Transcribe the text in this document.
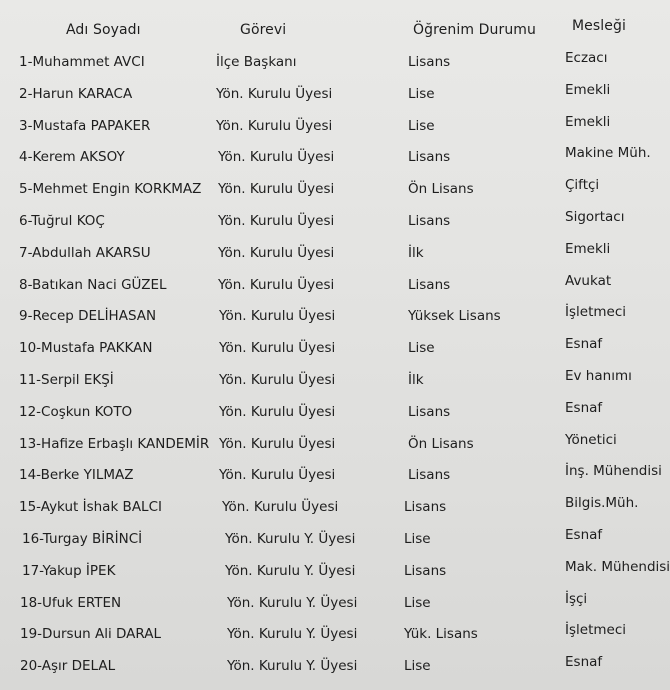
Adı Soyadı	Görevi	Öğrenim Durumu	Mesleği
1-Muhammet AVCI	İlçe Başkanı	Lisans	Eczacı
2-Harun KARACA	Yön. Kurulu Üyesi	Lise	Emekli
3-Mustafa PAPAKER	Yön. Kurulu Üyesi	Lise	Emekli
4-Kerem AKSOY	Yön. Kurulu Üyesi	Lisans	Makine Müh.
5-Mehmet Engin KORKMAZ Yön. Kurulu Üyesi	Ön Lisans	Çiftçi
6-Tuğrul KOÇ	Yön. Kurulu Üyesi	Lisans	Sigortacı
7-Abdullah AKARSU	Yön. Kurulu Üyesi	İlk	Emekli
8-Batıkan Naci GÜZEL	Yön. Kurulu Üyesi	Lisans	Avukat
9-Recep DELİHASAN	Yön. Kurulu Üyesi	Yüksek Lisans	İşletmeci
10-Mustafa PAKKAN	Yön. Kurulu Üyesi	Lise	Esnaf
11-Serpil EKŞİ	Yön. Kurulu Üyesi	İlk	Ev hanımı
12-Coşkun KOTO	Yön. Kurulu Üyesi	Lisans	Esnaf
13-Hafize Erbaşlı KANDEMİR Yön. Kurulu Üyesi	Ön Lisans	Yönetici
14-Berke YILMAZ	Yön. Kurulu Üyesi	Lisans	İnş. Mühendisi
15-Aykut İshak BALCI	Yön. Kurulu Üyesi	Lisans	Bilgis.Müh.
16-Turgay BİRİNCİ	Yön. Kurulu Y. Üyesi	Lise	Esnaf
17-Yakup İPEK	Yön. Kurulu Y. Üyesi	Lisans	Mak. Mühendisi
18-Ufuk ERTEN	Yön. Kurulu Y. Üyesi	Lise	İşçi
19-Dursun Ali DARAL	Yön. Kurulu Y. Üyesi	Yük. Lisans	İşletmeci
20-Aşır DELAL	Yön. Kurulu Y. Üyesi	Lise	Esnaf
